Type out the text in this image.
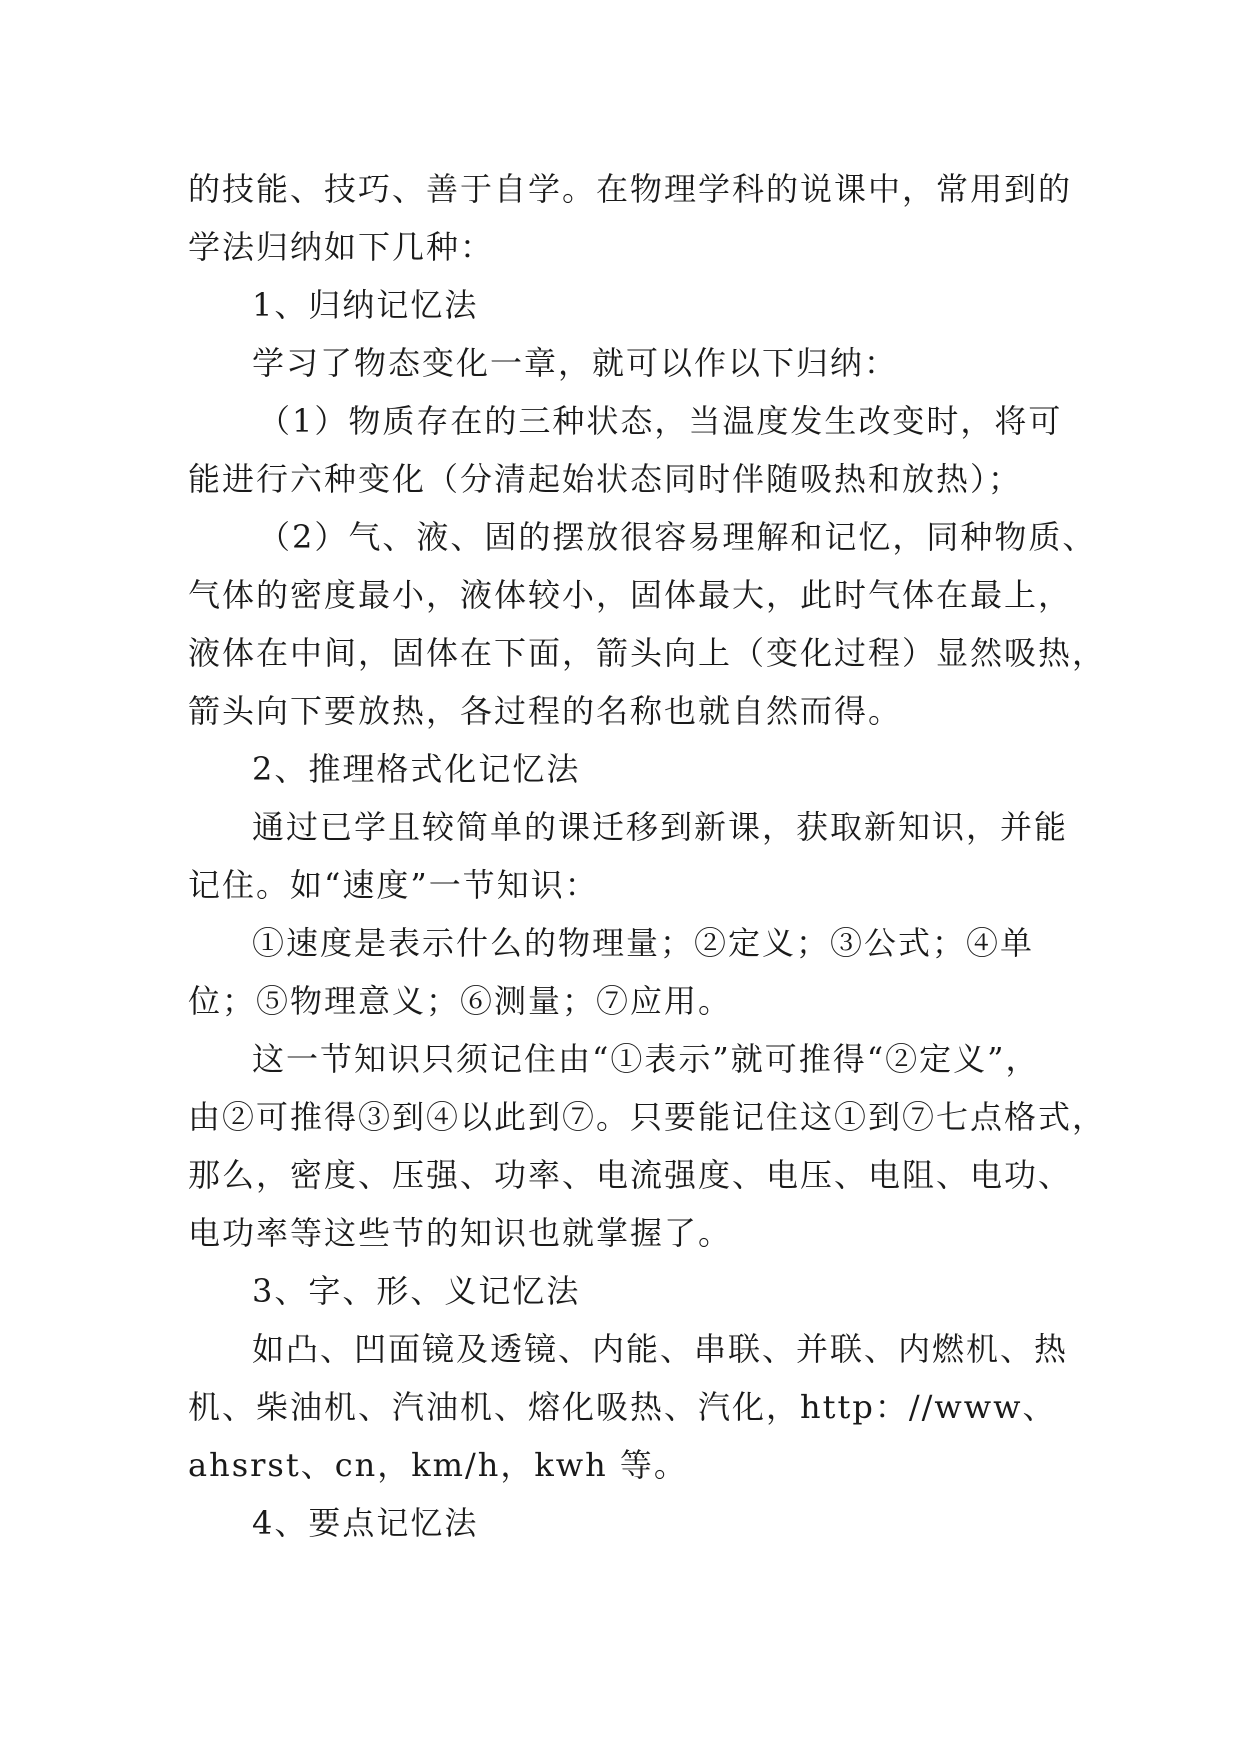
的技能、技巧、善于自学。在物理学科的说课中，常用到的
学法归纳如下几种：
1、归纳记忆法
学习了物态变化一章，就可以作以下归纳：
（1）物质存在的三种状态，当温度发生改变时，将可
能进行六种变化（分清起始状态同时伴随吸热和放热）；
（2）气、液、固的摆放很容易理解和记忆，同种物质、
气体的密度最小，液体较小，固体最大，此时气体在最上，
液体在中间，固体在下面，箭头向上（变化过程）显然吸热，
箭头向下要放热，各过程的名称也就自然而得。
2、推理格式化记忆法
通过已学且较简单的课迁移到新课，获取新知识，并能
记住。如“速度”一节知识：
①速度是表示什么的物理量；②定义；③公式；④单
位；⑤物理意义；⑥测量；⑦应用。
这一节知识只须记住由“①表示”就可推得“②定义”，
由②可推得③到④以此到⑦。只要能记住这①到⑦七点格式，
那么，密度、压强、功率、电流强度、电压、电阻、电功、
电功率等这些节的知识也就掌握了。
3、字、形、义记忆法
如凸、凹面镜及透镜、内能、串联、并联、内燃机、热
机、柴油机、汽油机、熔化吸热、汽化，http：//www、
ahsrst、cn，km/h，kwh 等。
4、要点记忆法
